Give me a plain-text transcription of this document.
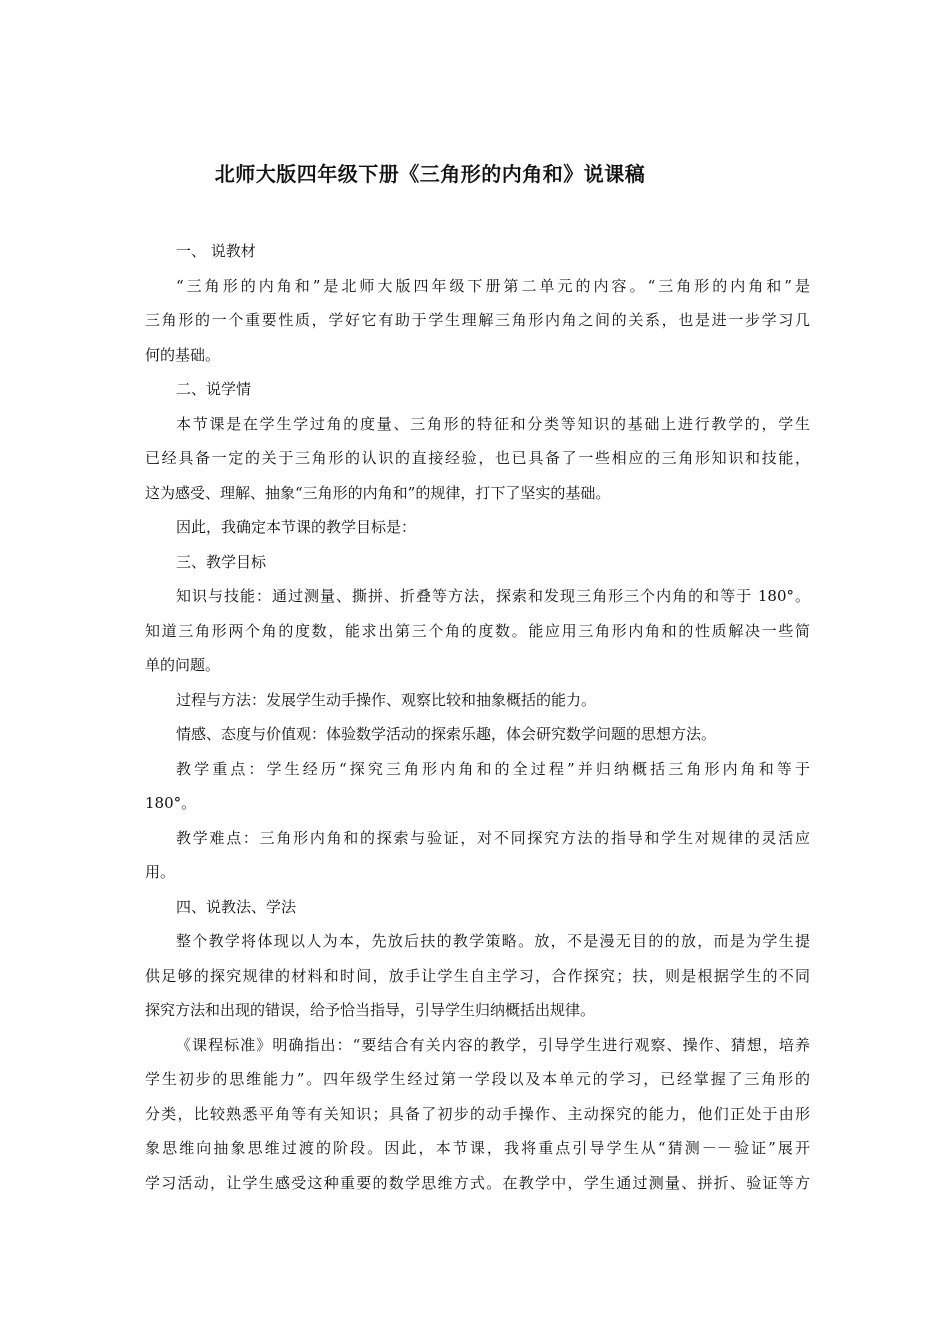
北师大版四年级下册《三角形的内角和》说课稿
一、 说教材
“三角形的内角和”是北师大版四年级下册第二单元的内容。“三角形的内角和”是
三角形的一个重要性质，学好它有助于学生理解三角形内角之间的关系，也是进一步学习几
何的基础。
二、说学情
本节课是在学生学过角的度量、三角形的特征和分类等知识的基础上进行教学的，学生
已经具备一定的关于三角形的认识的直接经验，也已具备了一些相应的三角形知识和技能，
这为感受、理解、抽象“三角形的内角和”的规律，打下了坚实的基础。
因此，我确定本节课的教学目标是：
三、教学目标
知识与技能：通过测量、撕拼、折叠等方法，探索和发现三角形三个内角的和等于 180°。
知道三角形两个角的度数，能求出第三个角的度数。能应用三角形内角和的性质解决一些简
单的问题。
过程与方法：发展学生动手操作、观察比较和抽象概括的能力。
情感、态度与价值观：体验数学活动的探索乐趣，体会研究数学问题的思想方法。
教学重点：学生经历“探究三角形内角和的全过程”并归纳概括三角形内角和等于
180°。
教学难点：三角形内角和的探索与验证，对不同探究方法的指导和学生对规律的灵活应
用。
四、说教法、学法
整个教学将体现以人为本，先放后扶的教学策略。放，不是漫无目的的放，而是为学生提
供足够的探究规律的材料和时间，放手让学生自主学习，合作探究；扶，则是根据学生的不同
探究方法和出现的错误，给予恰当指导，引导学生归纳概括出规律。
《课程标准》明确指出：“要结合有关内容的教学，引导学生进行观察、操作、猜想，培养
学生初步的思维能力”。四年级学生经过第一学段以及本单元的学习，已经掌握了三角形的
分类，比较熟悉平角等有关知识；具备了初步的动手操作、主动探究的能力，他们正处于由形
象思维向抽象思维过渡的阶段。因此，本节课，我将重点引导学生从“猜测－－验证”展开
学习活动，让学生感受这种重要的数学思维方式。在教学中，学生通过测量、拼折、验证等方
